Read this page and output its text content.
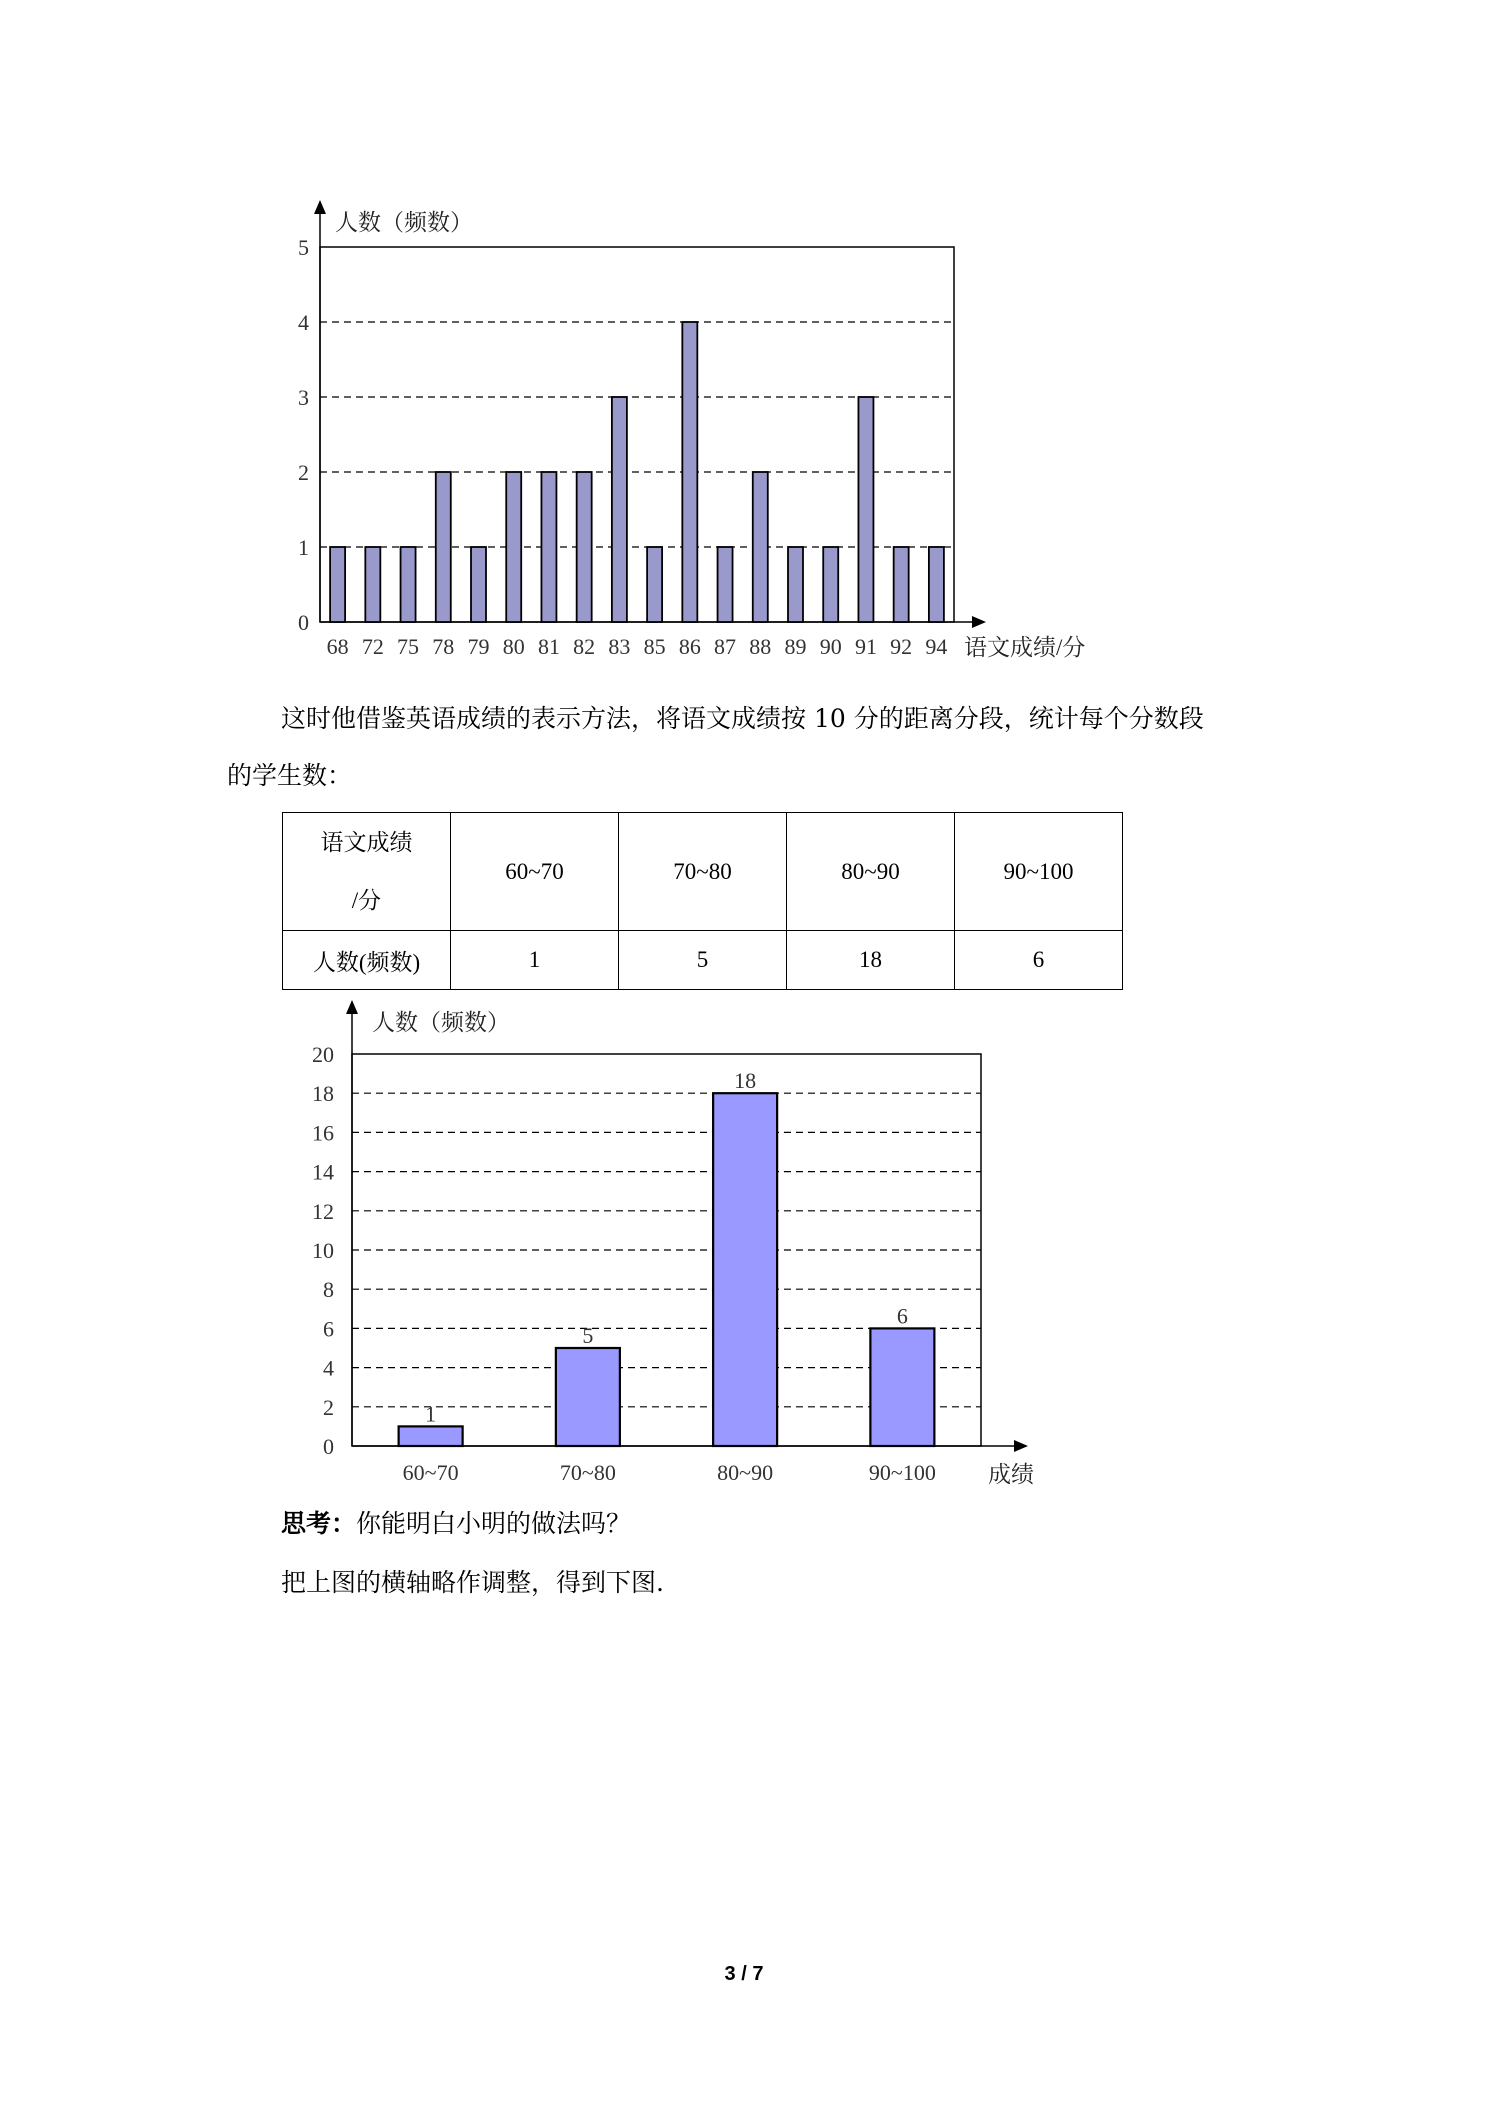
0
1
2
3
4
5
人数（频数）
语文成绩/分
68 72 75 78 79 80 81 82 83 85 86 87 88 89 90 91 92 94
这时他借鉴英语成绩的表示方法，将语文成绩按 10 分的距离分段，统计每个分数段
的学生数：
语文成绩
/分	60~70	70~80	80~90	90~100
人数(频数)	1	5	18	6
0
2
4
6
8
10
12
14
16
18
20
人数（频数）
成绩
1
60~70
5
70~80
18
80~90
6
90~100
思考：你能明白小明的做法吗？
把上图的横轴略作调整，得到下图.
3 / 7
